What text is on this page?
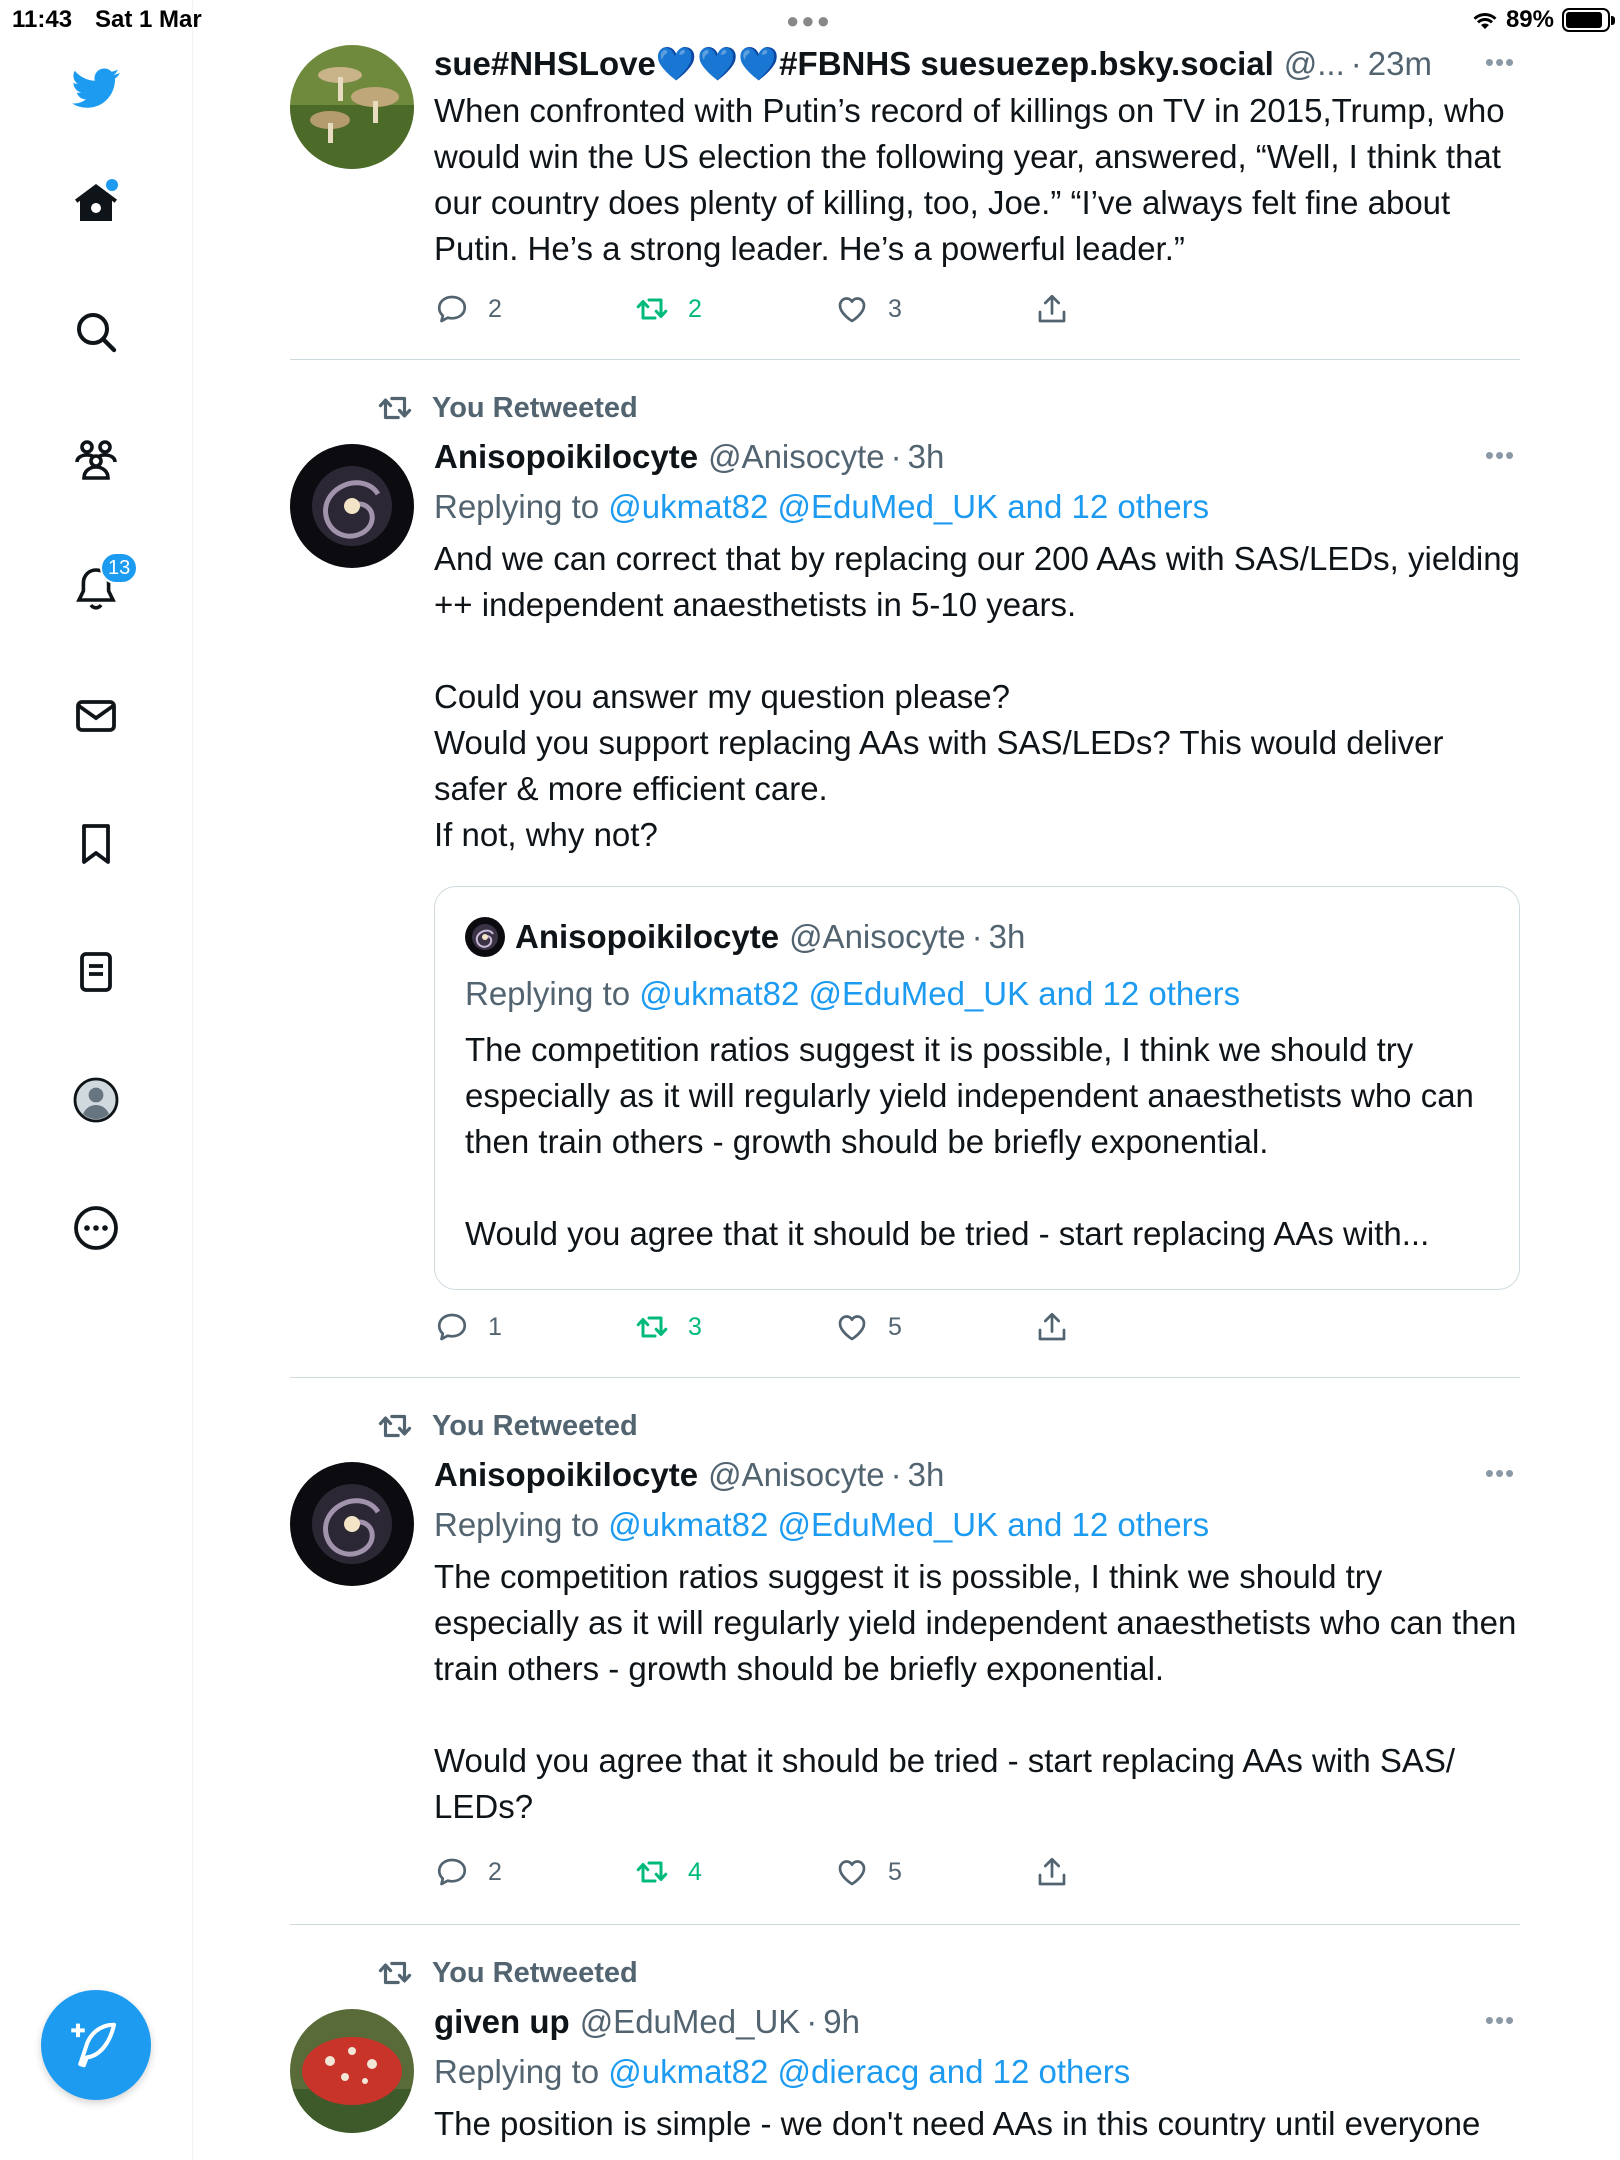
11:43 Sat 1 Mar	●●●	89%
13
sue#NHSLove💙💙💙#FBNHS suesuezep.bsky.social @... · 23m •••

When confronted with Putin’s record of killings on TV in 2015,Trump, who would win the US election the following year, answered, “Well, I think that our country does plenty of killing, too, Joe.” “I’ve always felt fine about Putin. He’s a strong leader. He’s a powerful leader.”

2	2	3
You Retweeted
Anisopoikilocyte @Anisocyte · 3h	•••
Replying to @ukmat82 @EduMed_UK and 12 others

And we can correct that by replacing our 200 AAs with SAS/LEDs, yielding ++ independent anaesthetists in 5-10 years.

Could you answer my question please?

Would you support replacing AAs with SAS/LEDs? This would deliver safer & more efficient care.

If not, why not?

Anisopoikilocyte @Anisocyte · 3h
Replying to @ukmat82 @EduMed_UK and 12 others

The competition ratios suggest it is possible, I think we should try especially as it will regularly yield independent anaesthetists who can then train others - growth should be briefly exponential.

Would you agree that it should be tried - start replacing AAs with...

1	3	5
You Retweeted
Anisopoikilocyte @Anisocyte · 3h	•••
Replying to @ukmat82 @EduMed_UK and 12 others

The competition ratios suggest it is possible, I think we should try especially as it will regularly yield independent anaesthetists who can then train others - growth should be briefly exponential.

Would you agree that it should be tried - start replacing AAs with SAS/ LEDs?

2	4	5
You Retweeted
given up @EduMed_UK · 9h	•••
Replying to @ukmat82 @dieracg and 12 others

The position is simple - we don't need AAs in this country until everyone
